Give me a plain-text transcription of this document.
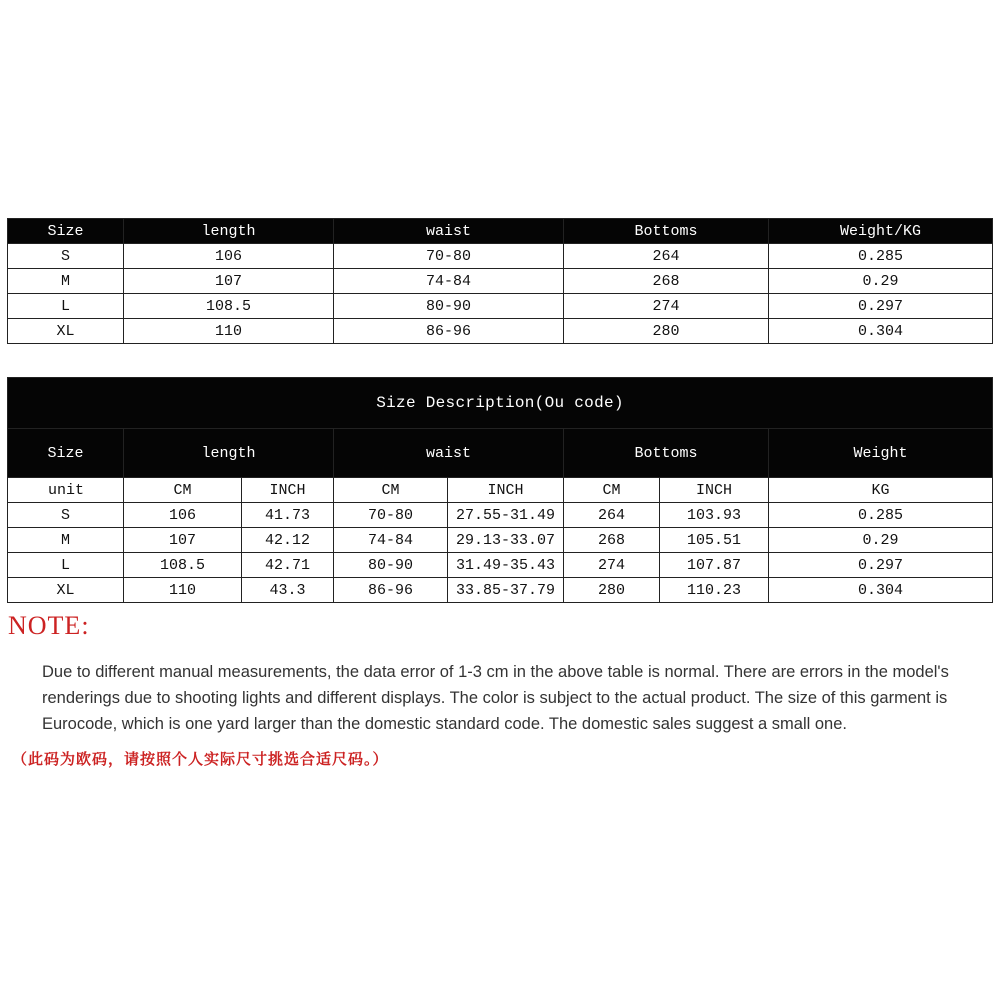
Size	length	waist	Bottoms	Weight/KG
S	106	70-80	264	0.285
M	107	74-84	268	0.29
L	108.5	80-90	274	0.297
XL	110	86-96	280	0.304
Size Description(Ou code)							
Size	length		waist		Bottoms		Weight
unit	CM	INCH	CM	INCH	CM	INCH	KG
S	106	41.73	70-80	27.55-31.49	264	103.93	0.285
M	107	42.12	74-84	29.13-33.07	268	105.51	0.29
L	108.5	42.71	80-90	31.49-35.43	274	107.87	0.297
XL	110	43.3	86-96	33.85-37.79	280	110.23	0.304
NOTE:

Due to different manual measurements, the data error of 1-3 cm in the above table is normal. There are errors in the model's renderings due to shooting lights and different displays. The color is subject to the actual product. The size of this garment is Eurocode, which is one yard larger than the domestic standard code. The domestic sales suggest a small one.

（此码为欧码，请按照个人实际尺寸挑选合适尺码。）
